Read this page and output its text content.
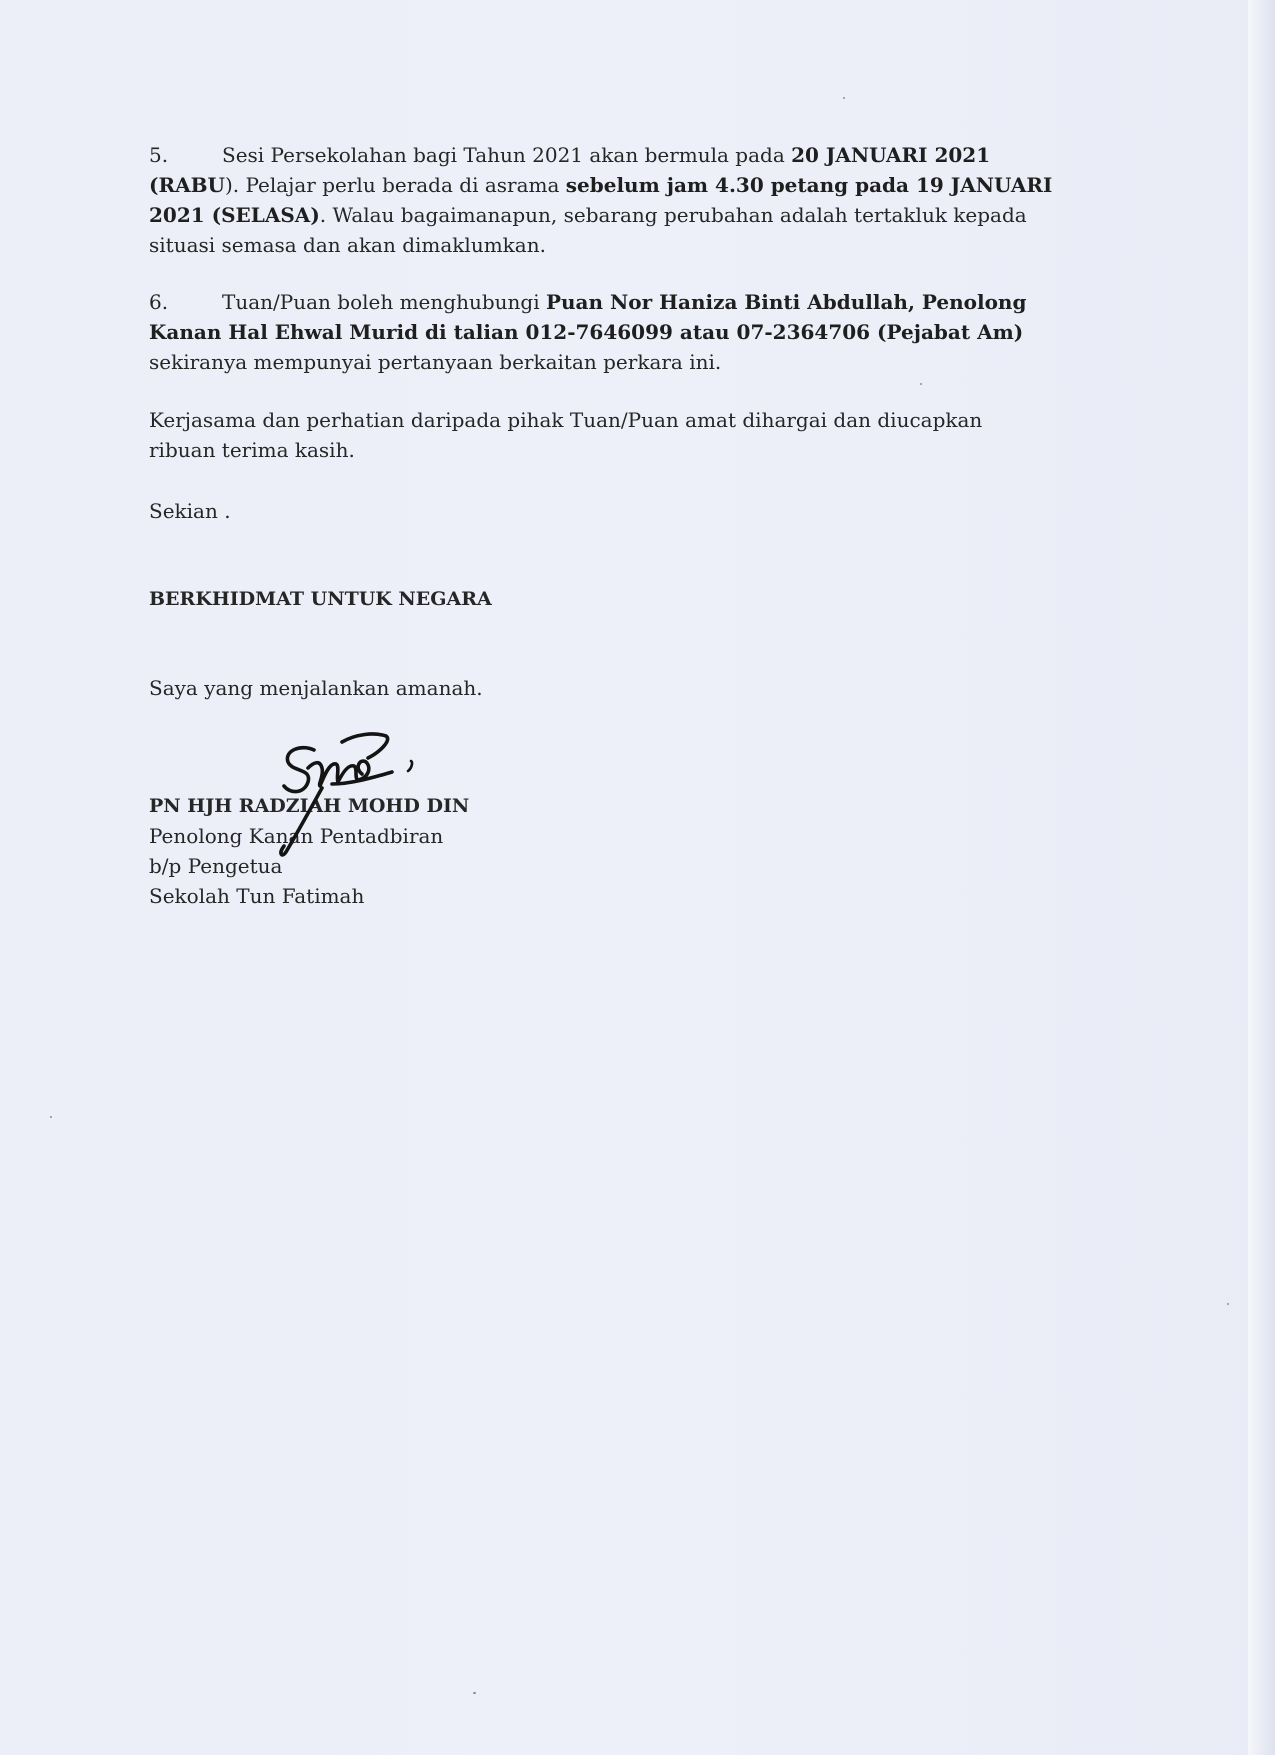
5.	Sesi Persekolahan bagi Tahun 2021 akan bermula pada 20 JANUARI 2021
(RABU). Pelajar perlu berada di asrama sebelum jam 4.30 petang pada 19 JANUARI
2021 (SELASA). Walau bagaimanapun, sebarang perubahan adalah tertakluk kepada
situasi semasa dan akan dimaklumkan.

6.	Tuan/Puan boleh menghubungi Puan Nor Haniza Binti Abdullah, Penolong
Kanan Hal Ehwal Murid di talian 012-7646099 atau 07-2364706 (Pejabat Am)
sekiranya mempunyai pertanyaan berkaitan perkara ini.

Kerjasama dan perhatian daripada pihak Tuan/Puan amat dihargai dan diucapkan
ribuan terima kasih.

Sekian .

BERKHIDMAT UNTUK NEGARA

Saya yang menjalankan amanah.

PN HJH RADZIAH MOHD DIN
Penolong Kanan Pentadbiran
b/p Pengetua
Sekolah Tun Fatimah
